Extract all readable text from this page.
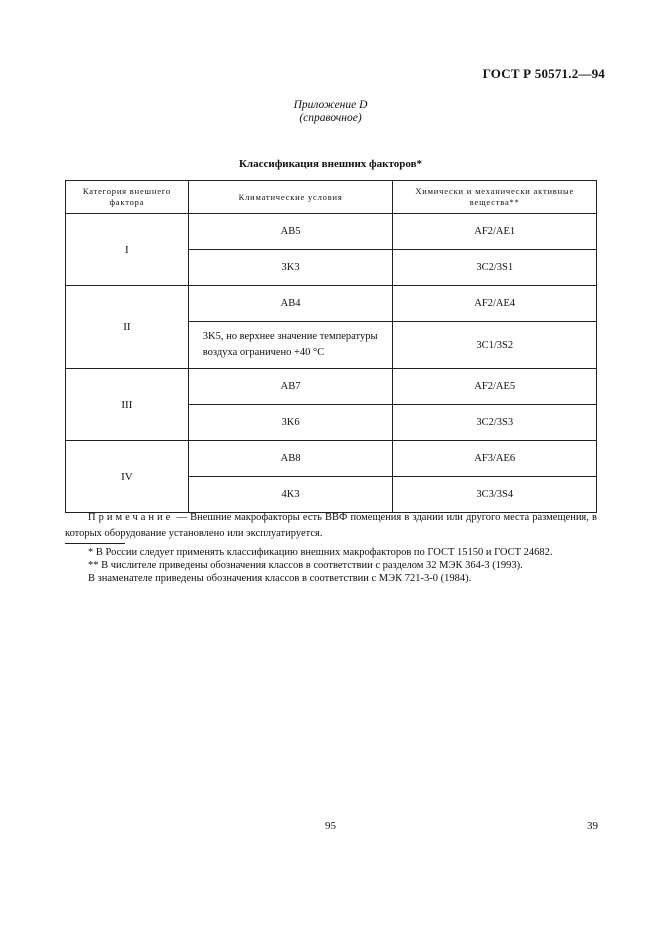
ГОСТ Р 50571.2—94
Приложение D
(справочное)
Классификация внешних факторов*
Категория внешнего фактора	Климатические условия	Химически и механически активные вещества**
I	AB5	AF2/AE1
	3K3	3C2/3S1
II	AB4	AF2/AE4
	3K5, но верхнее значение температуры воздуха ограничено +40 °С	3C1/3S2
III	AB7	AF2/AE5
	3K6	3C2/3S3
IV	AB8	AF3/AE6
	4K3	3C3/3S4
Примечание — Внешние макрофакторы есть ВВФ помещения в здании или другого места размещения, в которых оборудование установлено или эксплуатируется.
* В России следует применять классификацию внешних макрофакторов по ГОСТ 15150 и ГОСТ 24682.
** В числителе приведены обозначения классов в соответствии с разделом 32 МЭК 364-3 (1993).
В знаменателе приведены обозначения классов в соответствии с МЭК 721-3-0 (1984).
95	39
